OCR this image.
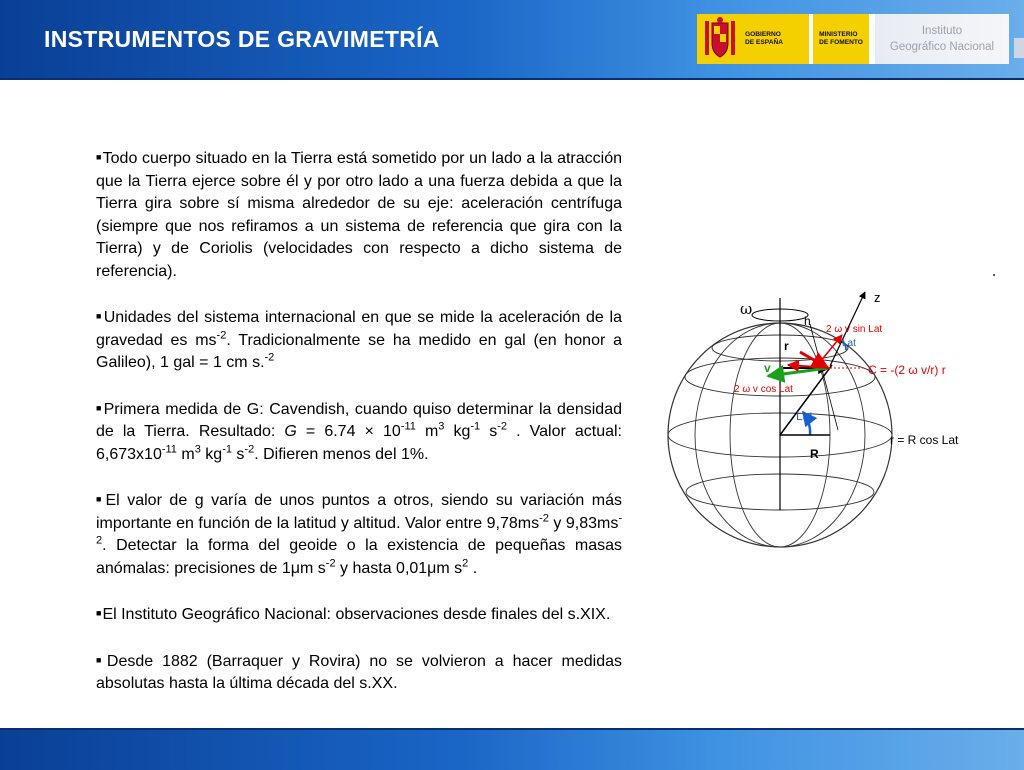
INSTRUMENTOS DE GRAVIMETRÍA	GOBIERNO
DE ESPAÑA
MINISTERIO
DE FOMENTO
Instituto
Geográfico Nacional

■Todo cuerpo situado en la Tierra está sometido por un lado a la atracción que la Tierra ejerce sobre él y por otro lado a una fuerza debida a que la Tierra gira sobre sí misma alrededor de su eje: aceleración centrífuga (siempre que nos refiramos a un sistema de referencia que gira con la Tierra) y de Coriolis (velocidades con respecto a dicho sistema de referencia).

■Unidades del sistema internacional en que se mide la aceleración de la gravedad es $ms^{-2}$. Tradicionalmente se ha medido en gal (en honor a Galileo), 1 gal = 1 cm s.$^{-2}$

■Primera medida de G: Cavendish, cuando quiso determinar la densidad de la Tierra. Resultado: $G = 6.74 \times 10^{-11}$ $m^3$ $kg^{-1}$ $s^{-2}$ . Valor actual: $6,673x10^{-11}$ $m^3$ $kg^{-1}$ $s^{-2}$. Difieren menos del 1%.

■El valor de g varía de unos puntos a otros, siendo su variación más importante en función de la latitud y altitud. Valor entre $9,78ms^{-2}$ y $9,83ms^{-2}$. Detectar la forma del geoide o la existencia de pequeñas masas anómalas: precisiones de 1μm $s^{-2}$ y hasta 0,01μm $s^2$ .

■El Instituto Geográfico Nacional: observaciones desde finales del s.XIX.

■Desde 1882 (Barraquer y Rovira) no se volvieron a hacer medidas absolutas hasta la última década del s.XX.

ω
z
h
r
v
Lat
R
2 ω v sin Lat
Lat
2 ω v cos Lat
C = -(2 ω v/r) r
r = R cos Lat
